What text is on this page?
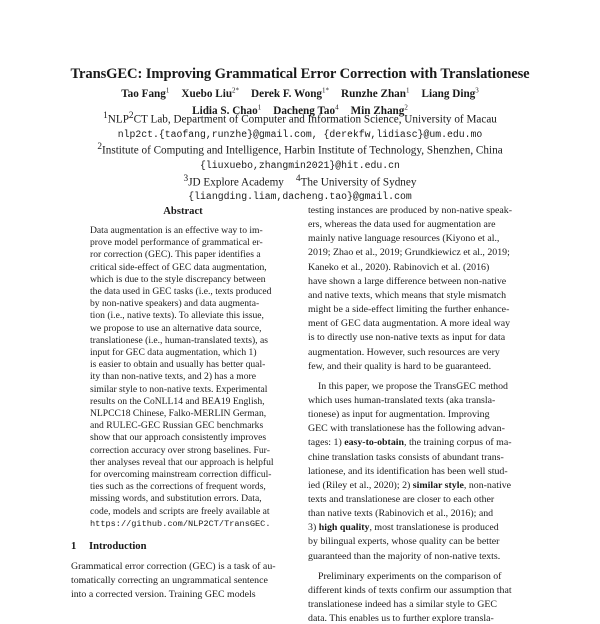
TransGEC: Improving Grammatical Error Correction with Translationese
Tao Fang$^1$ Xuebo Liu$^{2*}$ Derek F. Wong$^{1*}$ Runzhe Zhan$^1$ Liang Ding$^3$
Lidia S. Chao$^1$ Dacheng Tao$^4$ Min Zhang$^2$
$^1$NLP$^2$CT Lab, Department of Computer and Information Science, University of Macau
nlp2ct.{taofang,runzhe}@gmail.com, {derekfw,lidiasc}@um.edu.mo
$^2$Institute of Computing and Intelligence, Harbin Institute of Technology, Shenzhen, China
{liuxuebo,zhangmin2021}@hit.edu.cn
$^3$JD Explore Academy $^4$The University of Sydney
{liangding.liam,dacheng.tao}@gmail.com
Abstract
Data augmentation is an effective way to im-
prove model performance of grammatical er-
ror correction (GEC). This paper identifies a
critical side-effect of GEC data augmentation,
which is due to the style discrepancy between
the data used in GEC tasks (i.e., texts produced
by non-native speakers) and data augmenta-
tion (i.e., native texts). To alleviate this issue,
we propose to use an alternative data source,
translationese (i.e., human-translated texts), as
input for GEC data augmentation, which 1)
is easier to obtain and usually has better qual-
ity than non-native texts, and 2) has a more
similar style to non-native texts. Experimental
results on the CoNLL14 and BEA19 English,
NLPCC18 Chinese, Falko-MERLIN German,
and RULEC-GEC Russian GEC benchmarks
show that our approach consistently improves
correction accuracy over strong baselines. Fur-
ther analyses reveal that our approach is helpful
for overcoming mainstream correction difficul-
ties such as the corrections of frequent words,
missing words, and substitution errors. Data,
code, models and scripts are freely available at
https://github.com/NLP2CT/TransGEC.
1 Introduction
Grammatical error correction (GEC) is a task of au-
tomatically correcting an ungrammatical sentence
into a corrected version. Training GEC models
testing instances are produced by non-native speak-
ers, whereas the data used for augmentation are
mainly native language resources (Kiyono et al.,
2019; Zhao et al., 2019; Grundkiewicz et al., 2019;
Kaneko et al., 2020). Rabinovich et al. (2016)
have shown a large difference between non-native
and native texts, which means that style mismatch
might be a side-effect limiting the further enhance-
ment of GEC data augmentation. A more ideal way
is to directly use non-native texts as input for data
augmentation. However, such resources are very
few, and their quality is hard to be guaranteed.
In this paper, we propose the TransGEC method
which uses human-translated texts (aka transla-
tionese) as input for augmentation. Improving
GEC with translationese has the following advan-
tages: 1) easy-to-obtain, the training corpus of ma-
chine translation tasks consists of abundant trans-
lationese, and its identification has been well stud-
ied (Riley et al., 2020); 2) similar style, non-native
texts and translationese are closer to each other
than native texts (Rabinovich et al., 2016); and
3) high quality, most translationese is produced
by bilingual experts, whose quality can be better
guaranteed than the majority of non-native texts.
Preliminary experiments on the comparison of
different kinds of texts confirm our assumption that
translationese indeed has a similar style to GEC
data. This enables us to further explore transla-
